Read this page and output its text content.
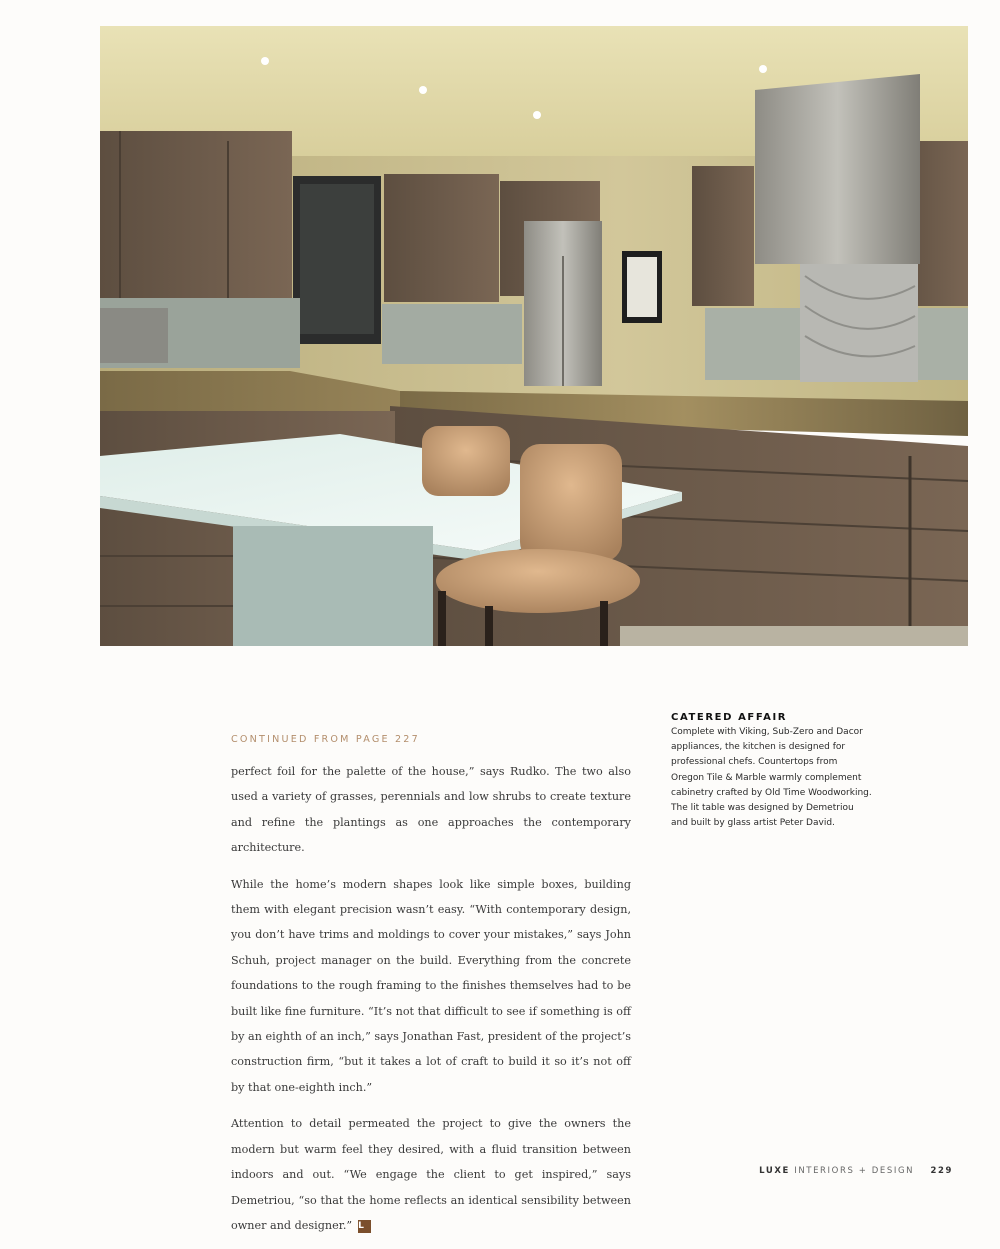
CATERED AFFAIR

Complete with Viking, Sub-Zero and Dacor
appliances, the kitchen is designed for
professional chefs. Countertops from
Oregon Tile & Marble warmly complement
cabinetry crafted by Old Time Woodworking.
The lit table was designed by Demetriou
and built by glass artist Peter David.

CONTINUED FROM PAGE 227

perfect foil for the palette of the house,” says Rudko. The two also used a variety of grasses, perennials and low shrubs to create texture and refine the plantings as one approaches the contemporary architecture.

While the home’s modern shapes look like simple boxes, building them with elegant precision wasn’t easy. “With contemporary design, you don’t have trims and moldings to cover your mistakes,” says John Schuh, project manager on the build. Everything from the concrete foundations to the rough framing to the finishes themselves had to be built like fine furniture. “It’s not that difficult to see if something is off by an eighth of an inch,” says Jonathan Fast, president of the project’s construction firm, “but it takes a lot of craft to build it so it’s not off by that one-eighth inch.”

Attention to detail permeated the project to give the owners the modern but warm feel they desired, with a fluid transition between indoors and out. “We engage the client to get inspired,” says Demetriou, “so that the home reflects an identical sensibility between owner and designer.” L

LUXE INTERIORS + DESIGN 229
